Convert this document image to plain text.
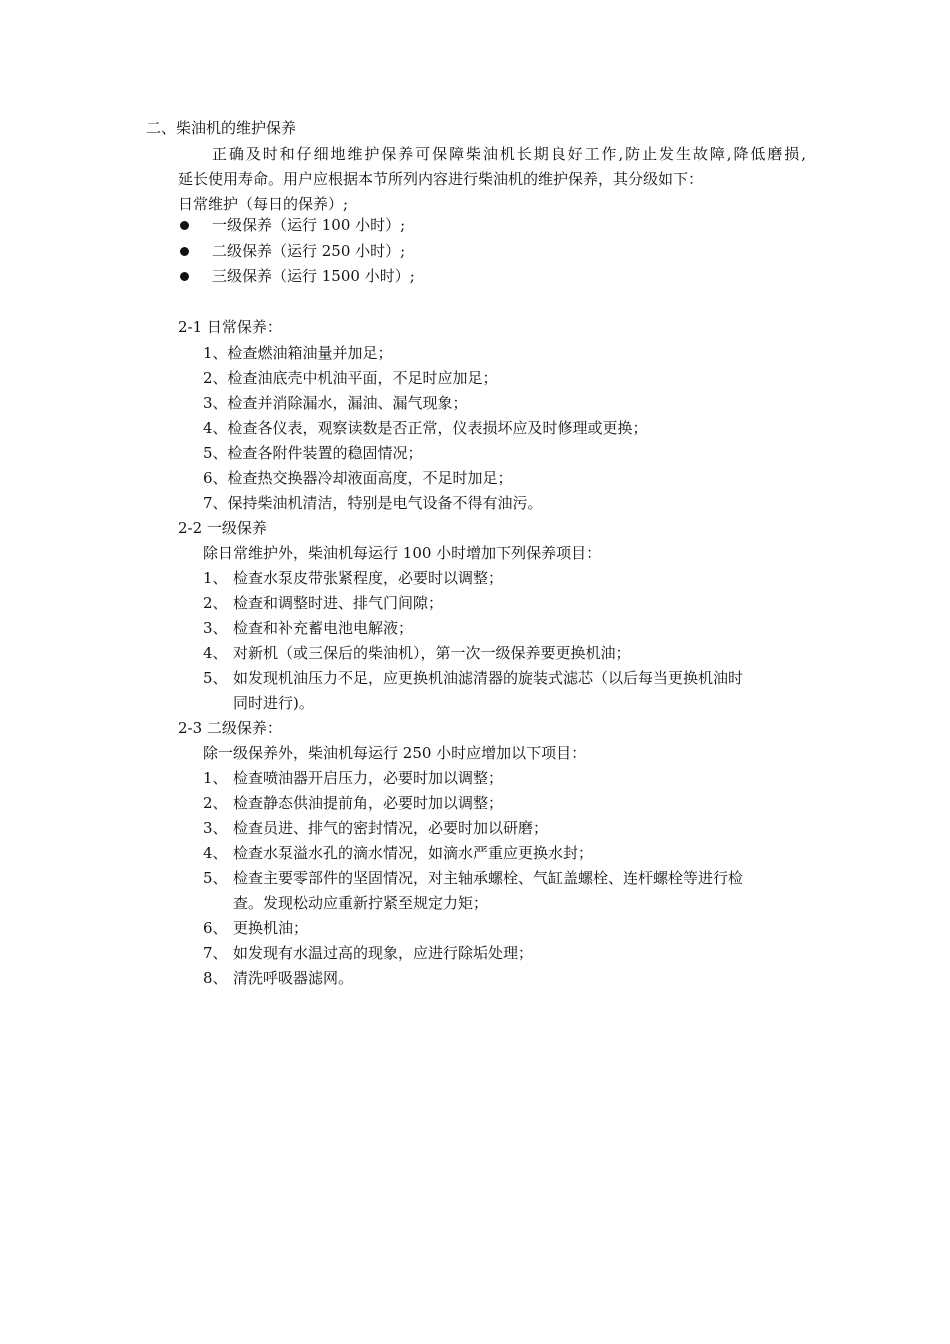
二、柴油机的维护保养
正确及时和仔细地维护保养可保障柴油机长期良好工作,防止发生故障,降低磨损,
延长使用寿命。用户应根据本节所列内容进行柴油机的维护保养，其分级如下：
日常维护（每日的保养）;
一级保养（运行 100 小时）;
二级保养（运行 250 小时）;
三级保养（运行 1500 小时）;
2-1 日常保养：
1、检查燃油箱油量并加足；
2、检查油底壳中机油平面，不足时应加足；
3、检查并消除漏水，漏油、漏气现象；
4、检查各仪表，观察读数是否正常，仪表损坏应及时修理或更换；
5、检查各附件装置的稳固情况；
6、检查热交换器冷却液面高度，不足时加足；
7、保持柴油机清洁，特别是电气设备不得有油污。
2-2 一级保养
除日常维护外，柴油机每运行 100 小时增加下列保养项目：
1、 检查水泵皮带张紧程度，必要时以调整；
2、 检查和调整时进、排气门间隙；
3、 检查和补充蓄电池电解液；
4、 对新机（或三保后的柴油机），第一次一级保养要更换机油；
5、 如发现机油压力不足，应更换机油滤清器的旋装式滤芯（以后每当更换机油时
同时进行)。
2-3 二级保养：
除一级保养外，柴油机每运行 250 小时应增加以下项目：
1、 检查喷油器开启压力，必要时加以调整；
2、 检查静态供油提前角，必要时加以调整；
3、 检查员进、排气的密封情况，必要时加以研磨；
4、 检查水泵溢水孔的滴水情况，如滴水严重应更换水封；
5、 检查主要零部件的坚固情况，对主轴承螺栓、气缸盖螺栓、连杆螺栓等进行检
查。发现松动应重新拧紧至规定力矩；
6、 更换机油；
7、 如发现有水温过高的现象，应进行除垢处理；
8、 清洗呼吸器滤网。
